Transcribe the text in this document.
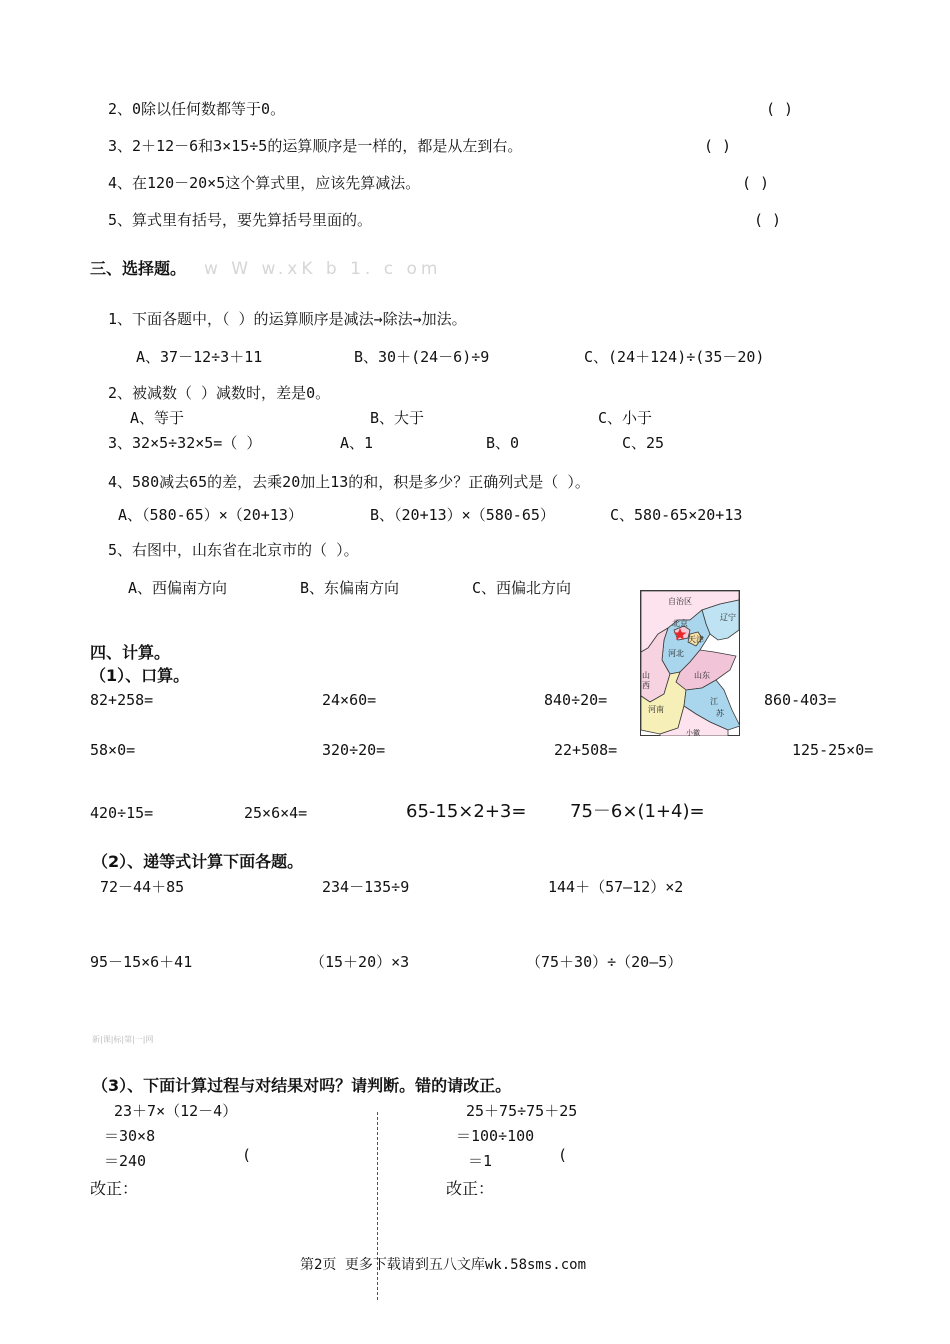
2、0除以任何数都等于0。	( )
3、2＋12－6和3×15÷5的运算顺序是一样的，都是从左到右。	( )
4、在120－20×5这个算式里，应该先算减法。	( )
5、算式里有括号，要先算括号里面的。	( )
三、选择题。 w W w.xK b 1. c om
1、下面各题中，（ ）的运算顺序是减法→除法→加法。
A、37－12÷3＋11	B、30＋(24－6)÷9	C、(24＋124)÷(35－20)
2、被减数（ ）减数时，差是0。
A、等于	B、大于	C、小于
3、32×5÷32×5=（ ）	A、1	B、0	C、25
4、580减去65的差，去乘20加上13的和，积是多少？正确列式是（ ）。
A、（580-65）×（20+13）	B、（20+13）×（580-65）	C、580-65×20+13
5、右图中，山东省在北京市的（ ）。
A、西偏南方向	B、东偏南方向	C、西偏北方向
自治区
北京
天津
辽宁
河北
山
西
山东
河南
江
苏
小徽
四、计算。
（1）、口算。
82+258=	24×60=	840÷20=	860-403=
58×0=	320÷20=	22+508=	125-25×0=
420÷15=	25×6×4=	65-15×2+3= 75－6×(1+4)=
（2）、递等式计算下面各题。
72－44＋85	234－135÷9	144＋（57—12）×2
95－15×6＋41	（15＋20）×3	（75＋30）÷（20—5）
新|课|标|第|一|网
（3）、下面计算过程与对结果对吗？请判断。错的请改正。
23＋7×（12－4）
＝30×8
＝240	(
改正：
25＋75÷75＋25
＝100÷100
＝1	(
改正：
第2页 更多下载请到五八文库wk.58sms.com
